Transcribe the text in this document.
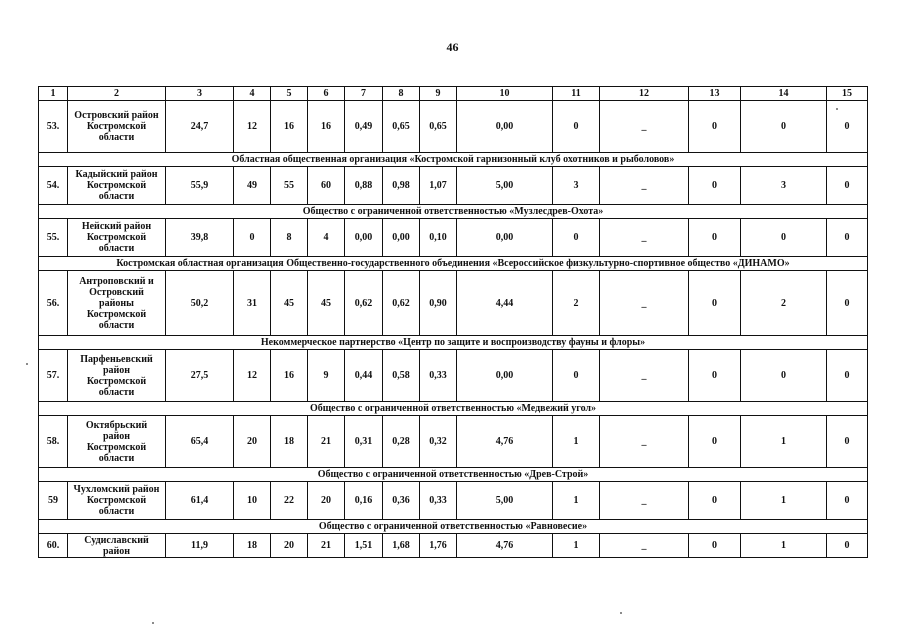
46
1	2	3	4	5	6	7	8	9	10	11	12	13	14	15
53.	Островский район
Костромской
области	24,7	12	16	16	0,49	0,65	0,65	0,00	0	_	0	0	0
Областная общественная организация «Костромской гарнизонный клуб охотников и рыболовов»														
54.	Кадыйский район
Костромской
области	55,9	49	55	60	0,88	0,98	1,07	5,00	3	_	0	3	0
Общество с ограниченной ответственностью «Музлесдрев-Охота»														
55.	Нейский район
Костромской
области	39,8	0	8	4	0,00	0,00	0,10	0,00	0	_	0	0	0
Костромская областная организация Общественно-государственного объединения «Всероссийское физкультурно-спортивное общество «ДИНАМО»														
56.	Антроповский и
Островский
районы
Костромской
области	50,2	31	45	45	0,62	0,62	0,90	4,44	2	_	0	2	0
Некоммерческое партнерство «Центр по защите и воспроизводству фауны и флоры»														
57.	Парфеньевский
район
Костромской
области	27,5	12	16	9	0,44	0,58	0,33	0,00	0	_	0	0	0
Общество с ограниченной ответственностью «Медвежий угол»														
58.	Октябрьский
район
Костромской
области	65,4	20	18	21	0,31	0,28	0,32	4,76	1	_	0	1	0
Общество с ограниченной ответственностью «Древ-Строй»														
59	Чухломский район
Костромской
области	61,4	10	22	20	0,16	0,36	0,33	5,00	1	_	0	1	0
Общество с ограниченной ответственностью «Равновесие»														
60.	Судиславский
район	11,9	18	20	21	1,51	1,68	1,76	4,76	1	_	0	1	0
